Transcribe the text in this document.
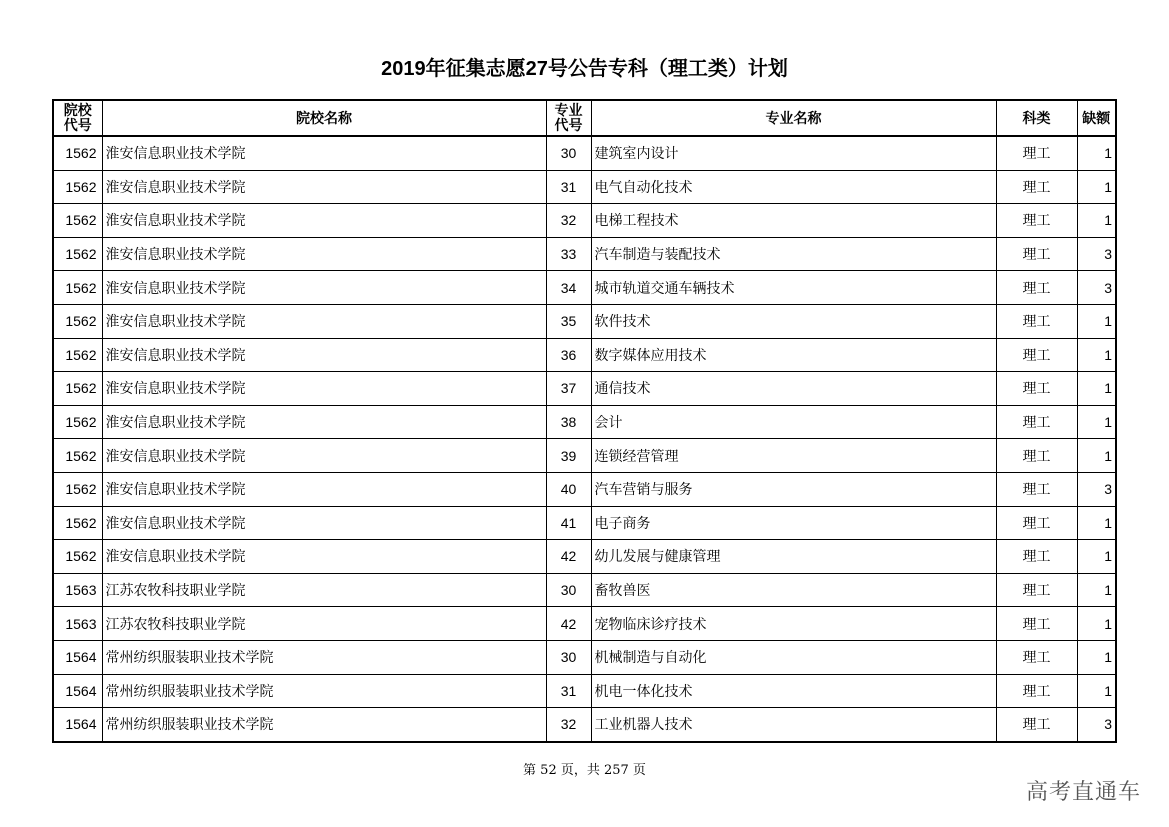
2019年征集志愿27号公告专科（理工类）计划
院校代号	院校名称	专业代号	专业名称	科类	缺额
1562	淮安信息职业技术学院	30	建筑室内设计	理工	1
1562	淮安信息职业技术学院	31	电气自动化技术	理工	1
1562	淮安信息职业技术学院	32	电梯工程技术	理工	1
1562	淮安信息职业技术学院	33	汽车制造与装配技术	理工	3
1562	淮安信息职业技术学院	34	城市轨道交通车辆技术	理工	3
1562	淮安信息职业技术学院	35	软件技术	理工	1
1562	淮安信息职业技术学院	36	数字媒体应用技术	理工	1
1562	淮安信息职业技术学院	37	通信技术	理工	1
1562	淮安信息职业技术学院	38	会计	理工	1
1562	淮安信息职业技术学院	39	连锁经营管理	理工	1
1562	淮安信息职业技术学院	40	汽车营销与服务	理工	3
1562	淮安信息职业技术学院	41	电子商务	理工	1
1562	淮安信息职业技术学院	42	幼儿发展与健康管理	理工	1
1563	江苏农牧科技职业学院	30	畜牧兽医	理工	1
1563	江苏农牧科技职业学院	42	宠物临床诊疗技术	理工	1
1564	常州纺织服装职业技术学院	30	机械制造与自动化	理工	1
1564	常州纺织服装职业技术学院	31	机电一体化技术	理工	1
1564	常州纺织服装职业技术学院	32	工业机器人技术	理工	3
第 52 页，共 257 页
高考直通车
